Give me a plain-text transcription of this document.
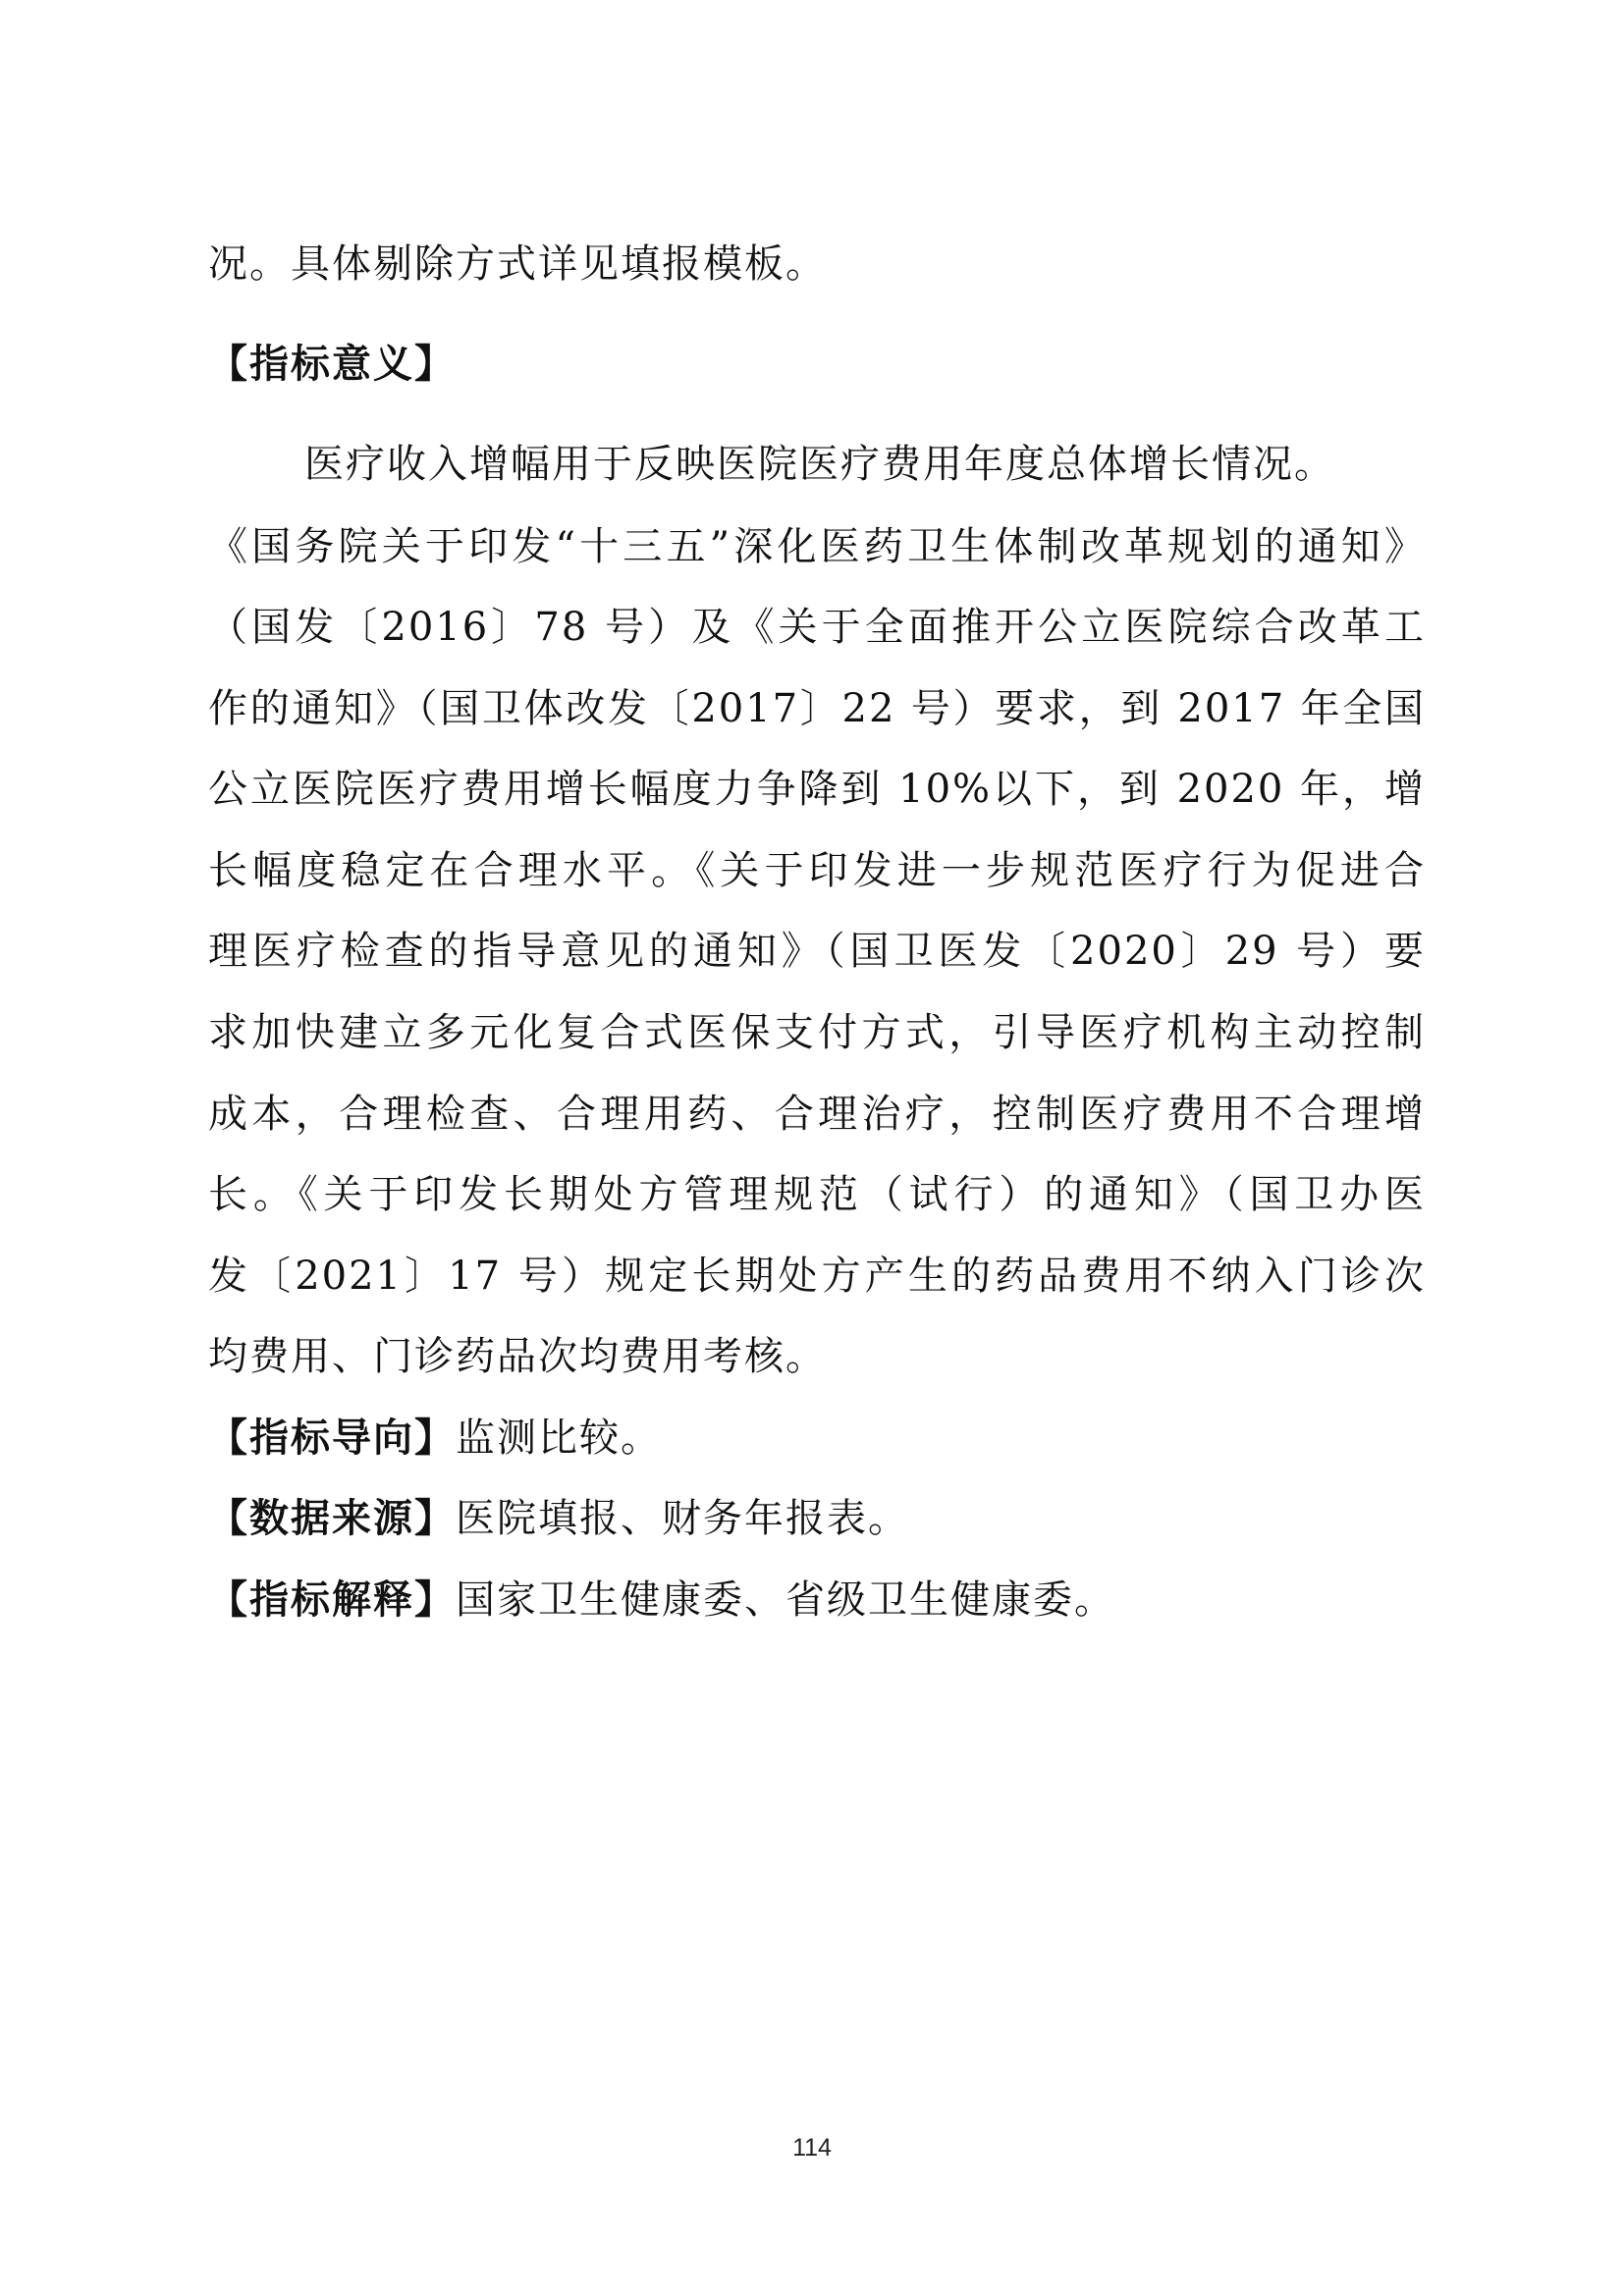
况。具体剔除方式详见填报模板。
【指标意义】
医疗收入增幅用于反映医院医疗费用年度总体增长情况。
《国务院关于印发“十三五”深化医药卫生体制改革规划的通知》
（国发〔2016〕78 号）及《关于全面推开公立医院综合改革工
作的通知》（国卫体改发〔2017〕22 号）要求，到 2017 年全国
公立医院医疗费用增长幅度力争降到 10%以下，到 2020 年，增
长幅度稳定在合理水平。《关于印发进一步规范医疗行为促进合
理医疗检查的指导意见的通知》（国卫医发〔2020〕29 号）要
求加快建立多元化复合式医保支付方式，引导医疗机构主动控制
成本，合理检查、合理用药、合理治疗，控制医疗费用不合理增
长。《关于印发长期处方管理规范（试行）的通知》（国卫办医
发〔2021〕17 号）规定长期处方产生的药品费用不纳入门诊次
均费用、门诊药品次均费用考核。
【指标导向】监测比较。
【数据来源】医院填报、财务年报表。
【指标解释】国家卫生健康委、省级卫生健康委。
114
